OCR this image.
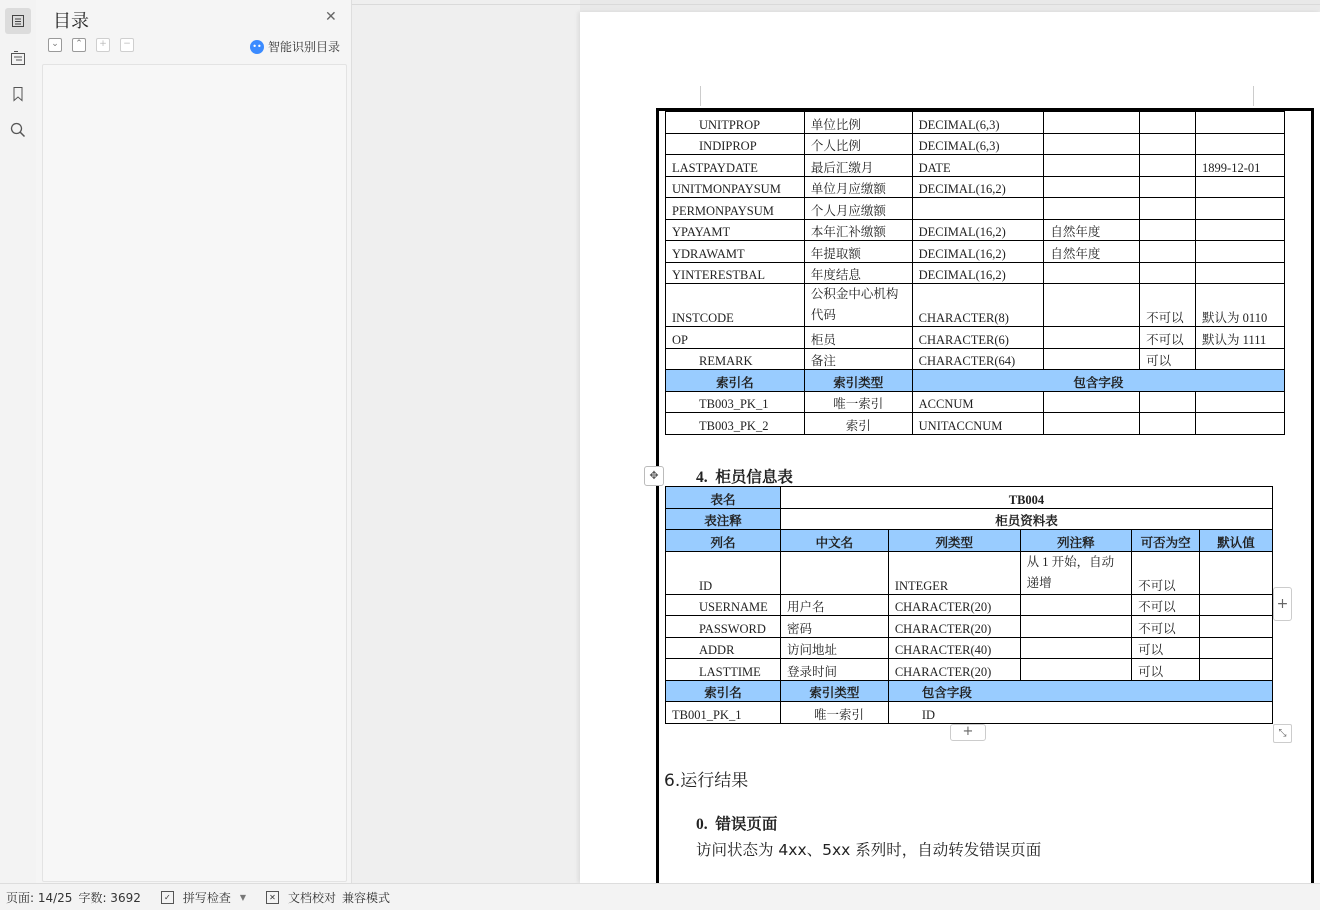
目录	✕
⌄	⌃	+	−	•• 智能识别目录
UNITPROP	单位比例	DECIMAL(6,3)			
INDIPROP	个人比例	DECIMAL(6,3)			
LASTPAYDATE	最后汇缴月	DATE			1899-12-01
UNITMONPAYSUM	单位月应缴额	DECIMAL(16,2)			
PERMONPAYSUM	个人月应缴额				
YPAYAMT	本年汇补缴额	DECIMAL(16,2)	自然年度		
YDRAWAMT	年提取额	DECIMAL(16,2)	自然年度		
YINTERESTBAL	年度结息	DECIMAL(16,2)			
INSTCODE	公积金中心机构代码	CHARACTER(8)		不可以	默认为 0110
OP	柜员	CHARACTER(6)		不可以	默认为 1111
REMARK	备注	CHARACTER(64)		可以	
索引名	索引类型	包含字段			
TB003_PK_1	唯一索引	ACCNUM			
TB003_PK_2	索引	UNITACCNUM			
✥	4. 柜员信息表
表名	TB004				
表注释	柜员资料表				
列名	中文名	列类型	列注释	可否为空	默认值
ID		INTEGER	从 1 开始，自动递增	不可以	
USERNAME	用户名	CHARACTER(20)		不可以	
PASSWORD	密码	CHARACTER(20)		不可以	
ADDR	访问地址	CHARACTER(40)		可以	
LASTTIME	登录时间	CHARACTER(20)		可以	
索引名	索引类型	包含字段			
TB001_PK_1	唯一索引	ID			
+
+	⤡
6.运行结果
0. 错误页面
访问状态为 4xx、5xx 系列时，自动转发错误页面
页面: 14/25 字数: 3692	✓ 拼写检查 ▼	✕ 文档校对 兼容模式
